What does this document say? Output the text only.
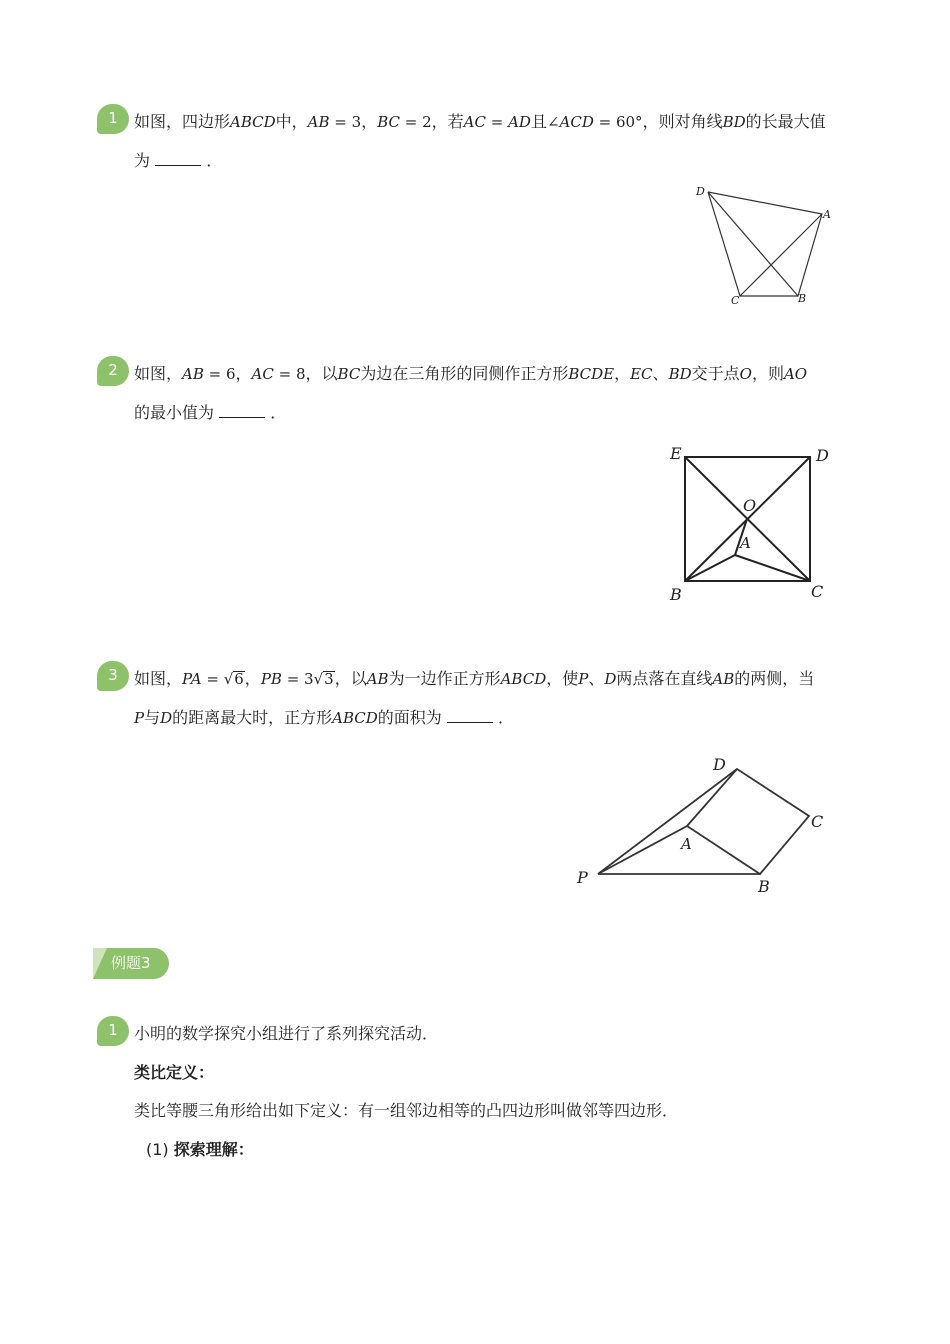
1	如图，四边形ABCD中，AB = 3，BC = 2，若AC = AD且∠ACD = 60°，则对角线BD的长最大值
为	．
D
A
C	B
2	如图，AB = 6，AC = 8，以BC为边在三角形的同侧作正方形BCDE，EC、BD交于点O，则AO
的最小值为	．
E	D
O
A
B	C
3	如图，PA = √6，PB = 3√3，以AB为一边作正方形ABCD，使P、D两点落在直线AB的两侧，当
P与D的距离最大时，正方形ABCD的面积为	．
D
C
A
P	B
例题3
1	小明的数学探究小组进行了系列探究活动．
类比定义：
类比等腰三角形给出如下定义：有一组邻边相等的凸四边形叫做邻等四边形．
(1) 探索理解：
